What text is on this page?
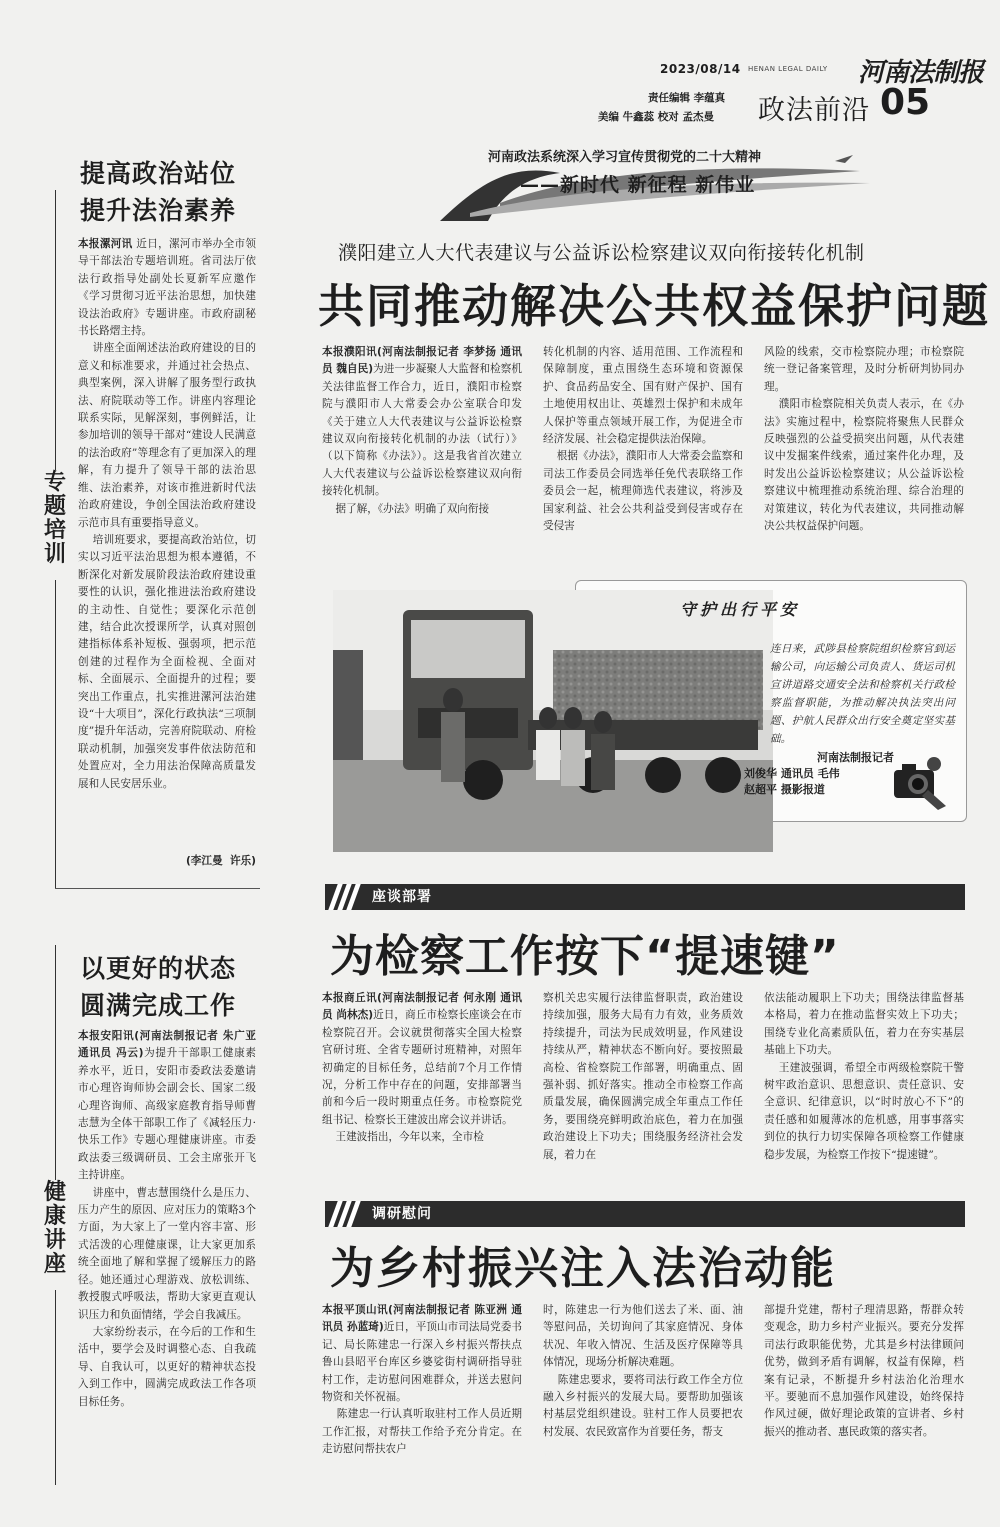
2023/08/14 HENAN LEGAL DAILY 河南法制报
责任编辑 李蕴真
美编 牛鑫蕊 校对 孟杰曼 政法前沿 05
河南政法系统深入学习宣传贯彻党的二十大精神
——新时代 新征程 新伟业
提高政治站位
提升法治素养
专题培训
本报漯河讯 近日，漯河市举办全市领导干部法治专题培训班。省司法厅依法行政指导处副处长夏新军应邀作《学习贯彻习近平法治思想，加快建设法治政府》专题讲座。市政府副秘书长路熠主持。
讲座全面阐述法治政府建设的目的意义和标准要求，并通过社会热点、典型案例，深入讲解了服务型行政执法、府院联动等工作。讲座内容理论联系实际，见解深刻，事例鲜活，让参加培训的领导干部对“建设人民满意的法治政府”等理念有了更加深入的理解，有力提升了领导干部的法治思维、法治素养，对该市推进新时代法治政府建设，争创全国法治政府建设示范市具有重要指导意义。
培训班要求，要提高政治站位，切实以习近平法治思想为根本遵循，不断深化对新发展阶段法治政府建设重要性的认识，强化推进法治政府建设的主动性、自觉性；要深化示范创建，结合此次授课所学，认真对照创建指标体系补短板、强弱项，把示范创建的过程作为全面检视、全面对标、全面展示、全面提升的过程；要突出工作重点，扎实推进漯河法治建设“十大项目”，深化行政执法“三项制度”提升年活动，完善府院联动、府检联动机制，加强突发事件依法防范和处置应对，全力用法治保障高质量发展和人民安居乐业。
(李江曼  许乐)
以更好的状态
圆满完成工作
健康讲座
本报安阳讯(河南法制报记者 朱广亚 通讯员 冯云)为提升干部职工健康素养水平，近日，安阳市委政法委邀请市心理咨询师协会副会长、国家二级心理咨询师、高级家庭教育指导师曹志慧为全体干部职工作了《减轻压力·快乐工作》专题心理健康讲座。市委政法委三级调研员、工会主席张开飞主持讲座。
讲座中，曹志慧围绕什么是压力、压力产生的原因、应对压力的策略3个方面，为大家上了一堂内容丰富、形式活泼的心理健康课，让大家更加系统全面地了解和掌握了缓解压力的路径。她还通过心理游戏、放松训练、教授腹式呼吸法，帮助大家更直观认识压力和负面情绪，学会自我减压。
大家纷纷表示，在今后的工作和生活中，要学会及时调整心态、自我疏导、自我认可，以更好的精神状态投入到工作中，圆满完成政法工作各项目标任务。
濮阳建立人大代表建议与公益诉讼检察建议双向衔接转化机制
共同推动解决公共权益保护问题
本报濮阳讯(河南法制报记者 李梦扬 通讯员 魏自民)为进一步凝聚人大监督和检察机关法律监督工作合力，近日，濮阳市检察院与濮阳市人大常委会办公室联合印发《关于建立人大代表建议与公益诉讼检察建议双向衔接转化机制的办法（试行）》（以下简称《办法》）。这是我省首次建立人大代表建议与公益诉讼检察建议双向衔接转化机制。
据了解，《办法》明确了双向衔接
转化机制的内容、适用范围、工作流程和保障制度，重点围绕生态环境和资源保护、食品药品安全、国有财产保护、国有土地使用权出让、英雄烈士保护和未成年人保护等重点领域开展工作，为促进全市经济发展、社会稳定提供法治保障。
根据《办法》，濮阳市人大常委会监察和司法工作委员会同选举任免代表联络工作委员会一起，梳理筛选代表建议，将涉及国家利益、社会公共利益受到侵害或存在受侵害
风险的线索，交市检察院办理；市检察院统一登记备案管理，及时分析研判协同办理。
濮阳市检察院相关负责人表示，在《办法》实施过程中，检察院将聚焦人民群众反映强烈的公益受损突出问题，从代表建议中发掘案件线索，通过案件化办理，及时发出公益诉讼检察建议；从公益诉讼检察建议中梳理推动系统治理、综合治理的对策建议，转化为代表建议，共同推动解决公共权益保护问题。
守护出行平安
连日来，武陟县检察院组织检察官到运输公司，向运输公司负责人、货运司机宣讲道路交通安全法和检察机关行政检察监督职能，为推动解决执法突出问题、护航人民群众出行安全奠定坚实基础。
河南法制报记者
刘俊华 通讯员 毛伟
赵超平 摄影报道
座谈部署
为检察工作按下“提速键”
本报商丘讯(河南法制报记者 何永刚 通讯员 尚林杰)近日，商丘市检察长座谈会在市检察院召开。会议就贯彻落实全国大检察官研讨班、全省专题研讨班精神，对照年初确定的目标任务，总结前7个月工作情况，分析工作中存在的问题，安排部署当前和今后一段时期重点任务。市检察院党组书记、检察长王建波出席会议并讲话。
王建波指出，今年以来，全市检
察机关忠实履行法律监督职责，政治建设持续加强，服务大局有力有效，业务质效持续提升，司法为民成效明显，作风建设持续从严，精神状态不断向好。要按照最高检、省检察院工作部署，明确重点、固强补弱、抓好落实。推动全市检察工作高质量发展，确保圆满完成全年重点工作任务，要围绕亮鲜明政治底色，着力在加强政治建设上下功夫；围绕服务经济社会发展，着力在
依法能动履职上下功夫；围绕法律监督基本格局，着力在推动监督实效上下功夫；围绕专业化高素质队伍，着力在夯实基层基础上下功夫。
王建波强调，希望全市两级检察院干警树牢政治意识、思想意识、责任意识、安全意识、纪律意识，以“时时放心不下”的责任感和如履薄冰的危机感，用事事落实到位的执行力切实保障各项检察工作健康稳步发展，为检察工作按下“提速键”。
调研慰问
为乡村振兴注入法治动能
本报平顶山讯(河南法制报记者 陈亚洲 通讯员 孙蓝琦)近日，平顶山市司法局党委书记、局长陈建忠一行深入乡村振兴帮扶点鲁山县昭平台库区乡婆娑街村调研指导驻村工作，走访慰问困难群众，并送去慰问物资和关怀祝福。
陈建忠一行认真听取驻村工作人员近期工作汇报，对帮扶工作给予充分肯定。在走访慰问帮扶农户
时，陈建忠一行为他们送去了米、面、油等慰问品，关切询问了其家庭情况、身体状况、年收入情况、生活及医疗保障等具体情况，现场分析解决难题。
陈建忠要求，要将司法行政工作全方位融入乡村振兴的发展大局。要帮助加强该村基层党组织建设。驻村工作人员要把农村发展、农民致富作为首要任务，帮支
部提升党建，帮村子理清思路，帮群众转变观念，助力乡村产业振兴。要充分发挥司法行政职能优势，尤其是乡村法律顾问优势，做到矛盾有调解，权益有保障，档案有记录，不断提升乡村法治化治理水平。要驰而不息加强作风建设，始终保持作风过硬，做好理论政策的宣讲者、乡村振兴的推动者、惠民政策的落实者。
